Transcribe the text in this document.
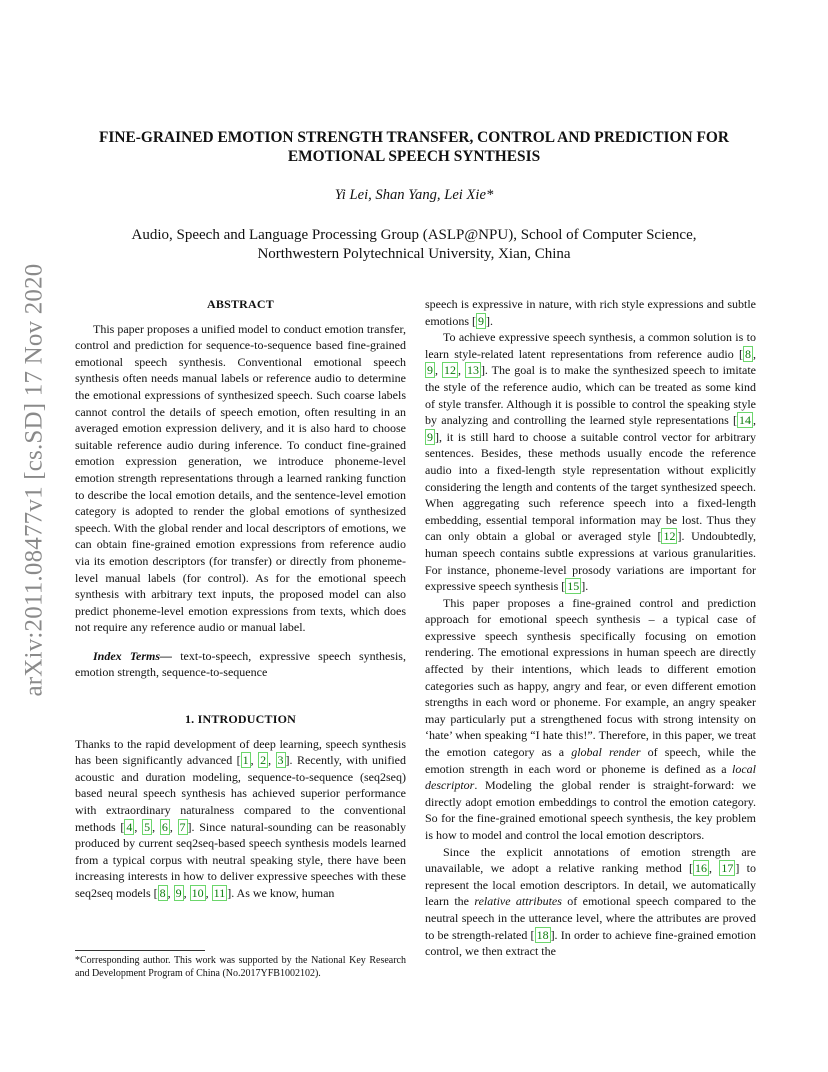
arXiv:2011.08477v1 [cs.SD] 17 Nov 2020
FINE-GRAINED EMOTION STRENGTH TRANSFER, CONTROL AND PREDICTION FOR
EMOTIONAL SPEECH SYNTHESIS

Yi Lei, Shan Yang, Lei Xie*

Audio, Speech and Language Processing Group (ASLP@NPU), School of Computer Science,
Northwestern Polytechnical University, Xian, China

ABSTRACT

This paper proposes a unified model to conduct emotion transfer, control and prediction for sequence-to-sequence based fine-grained emotional speech synthesis. Conventional emotional speech synthesis often needs manual labels or reference audio to determine the emotional expressions of synthesized speech. Such coarse labels cannot control the details of speech emotion, often resulting in an averaged emotion expression delivery, and it is also hard to choose suitable reference audio during inference. To conduct fine-grained emotion expression generation, we introduce phoneme-level emotion strength representations through a learned ranking function to describe the local emotion details, and the sentence-level emotion category is adopted to render the global emotions of synthesized speech. With the global render and local descriptors of emotions, we can obtain fine-grained emotion expressions from reference audio via its emotion descriptors (for transfer) or directly from phoneme-level manual labels (for control). As for the emotional speech synthesis with arbitrary text inputs, the proposed model can also predict phoneme-level emotion expressions from texts, which does not require any reference audio or manual label.

Index Terms— text-to-speech, expressive speech synthesis, emotion strength, sequence-to-sequence

1. INTRODUCTION

Thanks to the rapid development of deep learning, speech synthesis has been significantly advanced [ 1 , 2 , 3 ]. Recently, with unified acoustic and duration modeling, sequence-to-sequence (seq2seq) based neural speech synthesis has achieved superior performance with extraordinary naturalness compared to the conventional methods [ 4 , 5 , 6 , 7 ]. Since natural-sounding can be reasonably produced by current seq2seq-based speech synthesis models learned from a typical corpus with neutral speaking style, there have been increasing interests in how to deliver expressive speeches with these seq2seq models [ 8 , 9 , 10 , 11 ]. As we know, human

speech is expressive in nature, with rich style expressions and subtle emotions [ 9 ].

To achieve expressive speech synthesis, a common solution is to learn style-related latent representations from reference audio [ 8 , 9 , 12 , 13 ]. The goal is to make the synthesized speech to imitate the style of the reference audio, which can be treated as some kind of style transfer. Although it is possible to control the speaking style by analyzing and controlling the learned style representations [ 14 , 9 ], it is still hard to choose a suitable control vector for arbitrary sentences. Besides, these methods usually encode the reference audio into a fixed-length style representation without explicitly considering the length and contents of the target synthesized speech. When aggregating such reference speech into a fixed-length embedding, essential temporal information may be lost. Thus they can only obtain a global or averaged style [ 12 ]. Undoubtedly, human speech contains subtle expressions at various granularities. For instance, phoneme-level prosody variations are important for expressive speech synthesis [ 15 ].

This paper proposes a fine-grained control and prediction approach for emotional speech synthesis – a typical case of expressive speech synthesis specifically focusing on emotion rendering. The emotional expressions in human speech are directly affected by their intentions, which leads to different emotion categories such as happy, angry and fear, or even different emotion strengths in each word or phoneme. For example, an angry speaker may particularly put a strengthened focus with strong intensity on ‘hate’ when speaking “I hate this!”. Therefore, in this paper, we treat the emotion category as a global render of speech, while the emotion strength in each word or phoneme is defined as a local descriptor. Modeling the global render is straight-forward: we directly adopt emotion embeddings to control the emotion category. So for the fine-grained emotional speech synthesis, the key problem is how to model and control the local emotion descriptors.

Since the explicit annotations of emotion strength are unavailable, we adopt a relative ranking method [ 16 , 17 ] to represent the local emotion descriptors. In detail, we automatically learn the relative attributes of emotional speech compared to the neutral speech in the utterance level, where the attributes are proved to be strength-related [ 18 ]. In order to achieve fine-grained emotion control, we then extract the

*Corresponding author. This work was supported by the National Key Research and Development Program of China (No.2017YFB1002102).
